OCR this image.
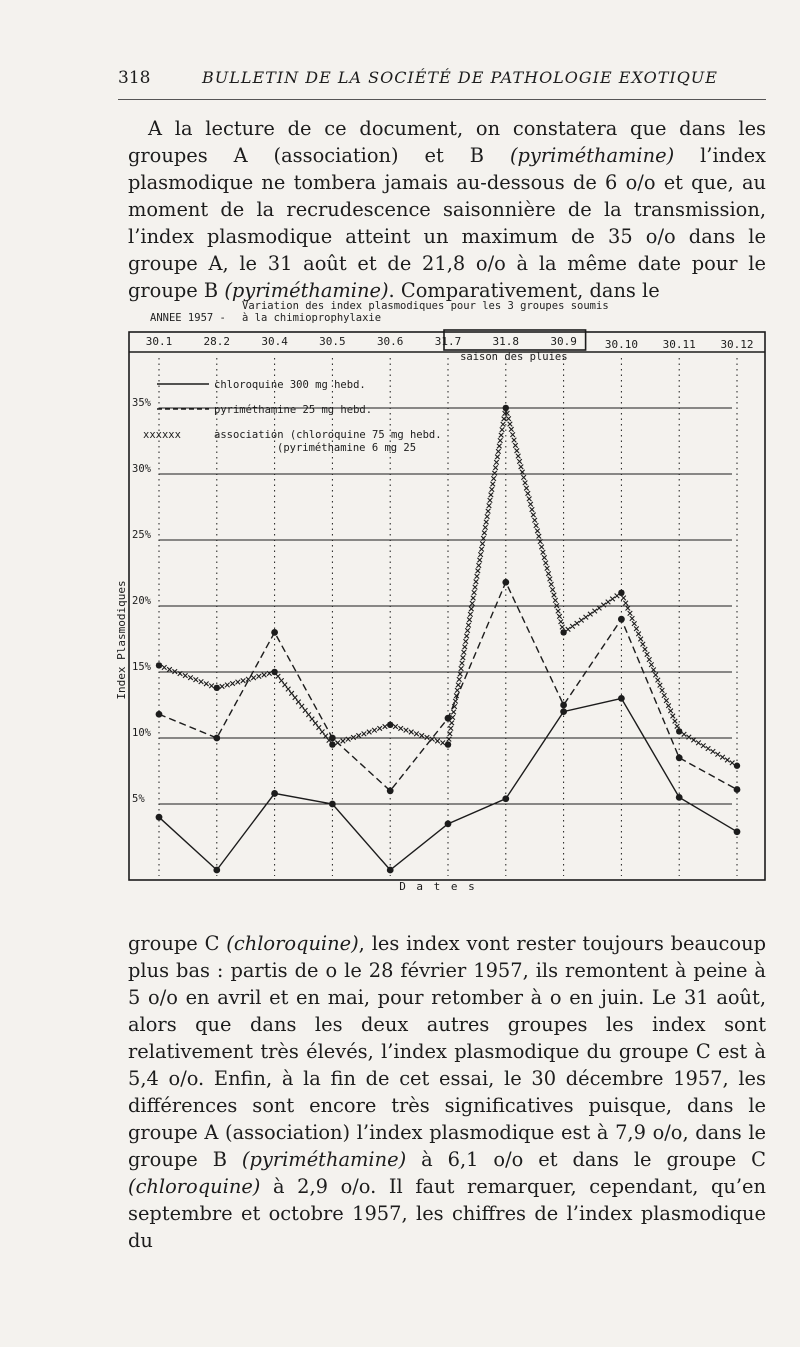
318	BULLETIN DE LA SOCIÉTÉ DE PATHOLOGIE EXOTIQUE

A la lecture de ce document, on constatera que dans les groupes A (association) et B (pyriméthamine) l’index plasmodique ne tombera jamais au-dessous de 6 o/o et que, au moment de la recrudescence saisonnière de la transmission, l’index plasmodique atteint un maximum de 35 o/o dans le groupe A, le 31 août et de 21,8 o/o à la même date pour le groupe B (pyriméthamine). Comparativement, dans le

ANNEE 1957 -
Variation des index plasmodiques pour les 3 groupes soumis
à la chimioprophylaxie
saison des pluies
35%
30%
25%
20%
15%
10%
5%
30.1	28.2	30.4	30.5	30.6	31.7	31.8	30.9	30.10 30.11 30.12
D a t e s
Index Plasmodiques
chloroquine 300 mg hebd.
pyriméthamine 25 mg hebd.
xxxxxx	association (chloroquine 75 mg hebd.
(pyriméthamine 6 mg 25

groupe C (chloroquine), les index vont rester toujours beaucoup plus bas : partis de o le 28 février 1957, ils remontent à peine à 5 o/o en avril et en mai, pour retomber à o en juin. Le 31 août, alors que dans les deux autres groupes les index sont relativement très élevés, l’index plasmodique du groupe C est à 5,4 o/o. Enfin, à la fin de cet essai, le 30 décembre 1957, les différences sont encore très significatives puisque, dans le groupe A (association) l’index plasmodique est à 7,9 o/o, dans le groupe B (pyriméthamine) à 6,1 o/o et dans le groupe C (chloroquine) à 2,9 o/o. Il faut remarquer, cependant, qu’en septembre et octobre 1957, les chiffres de l’index plasmodique du
